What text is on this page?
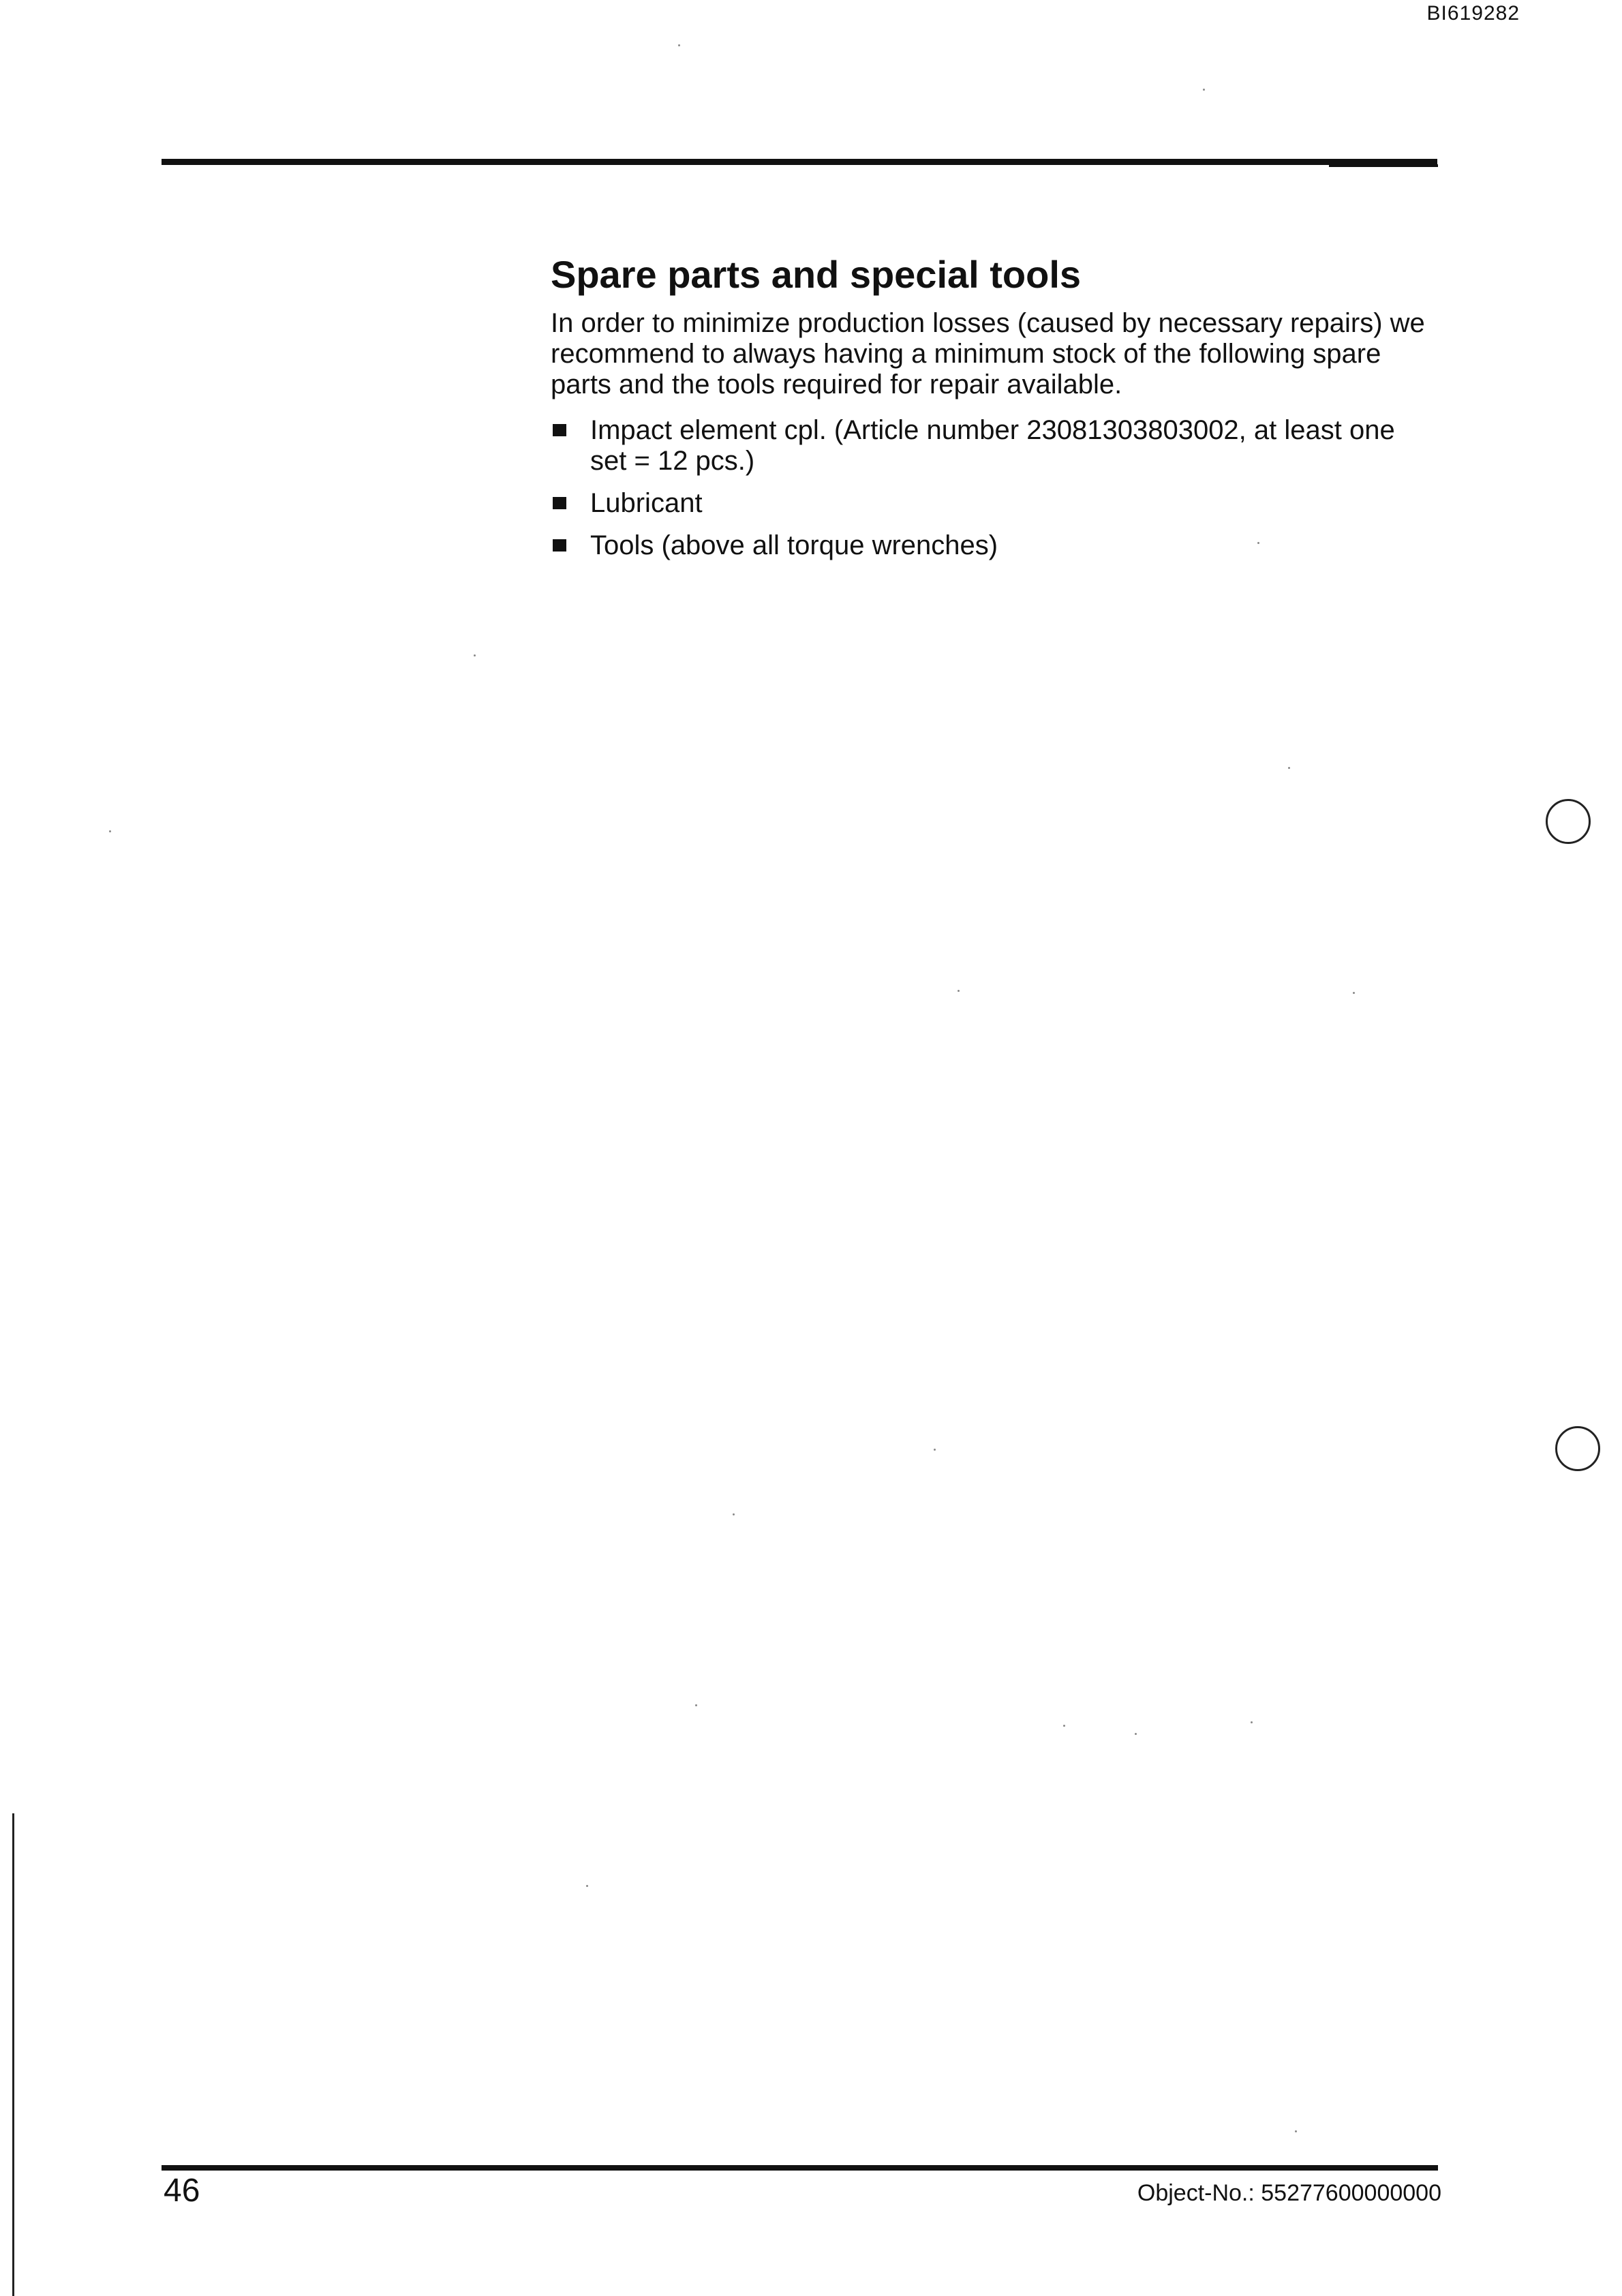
BI619282
Spare parts and special tools

In order to minimize production losses (caused by necessary repairs) we recommend to always having a minimum stock of the following spare parts and the tools required for repair available.

Impact element cpl. (Article number 23081303803002, at least one set = 12 pcs.)
Lubricant
Tools (above all torque wrenches)
46	Object-No.: 55277600000000
